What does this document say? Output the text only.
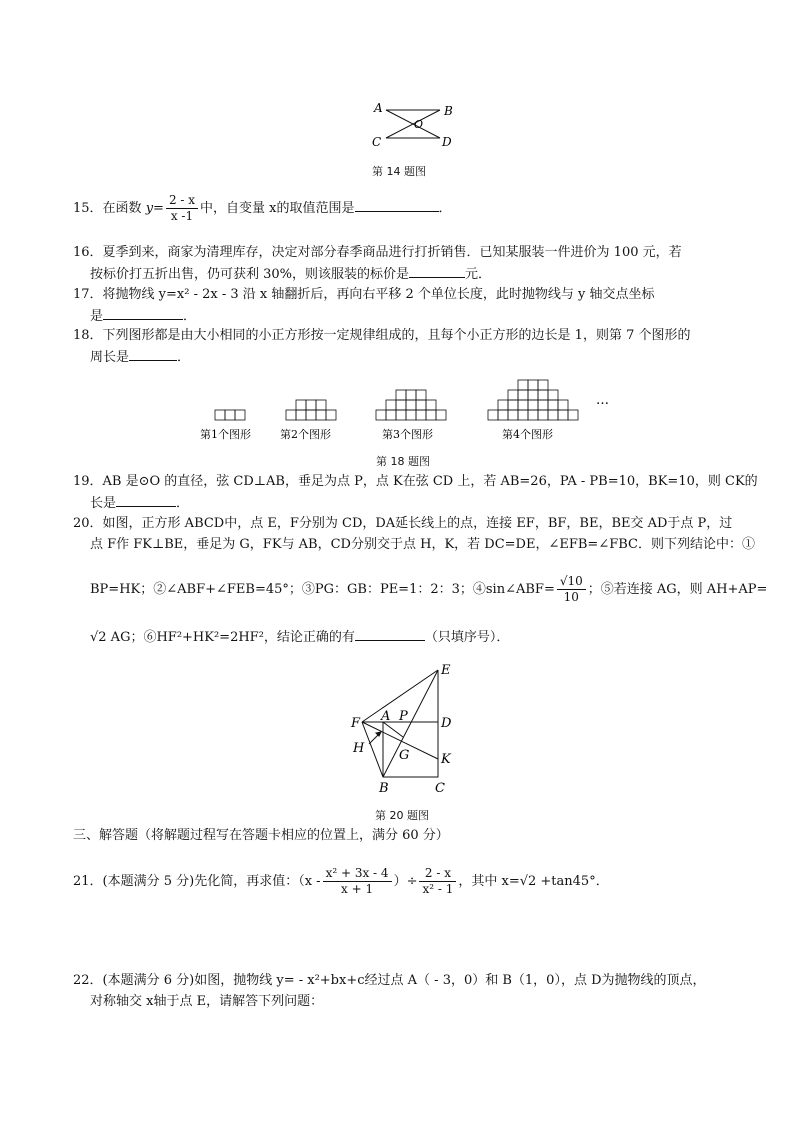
A	B
O
C	D
第 14 题图
15．在函数 $y= \frac{2 - x}{x -1}$ 中，自变量 x的取值范围是	．
16．夏季到来，商家为清理库存，决定对部分春季商品进行打折销售．已知某服装一件进价为 100 元，若
按标价打五折出售，仍可获利 30%，则该服装的标价是	元．
17．将抛物线 y=x² - 2x - 3 沿 x 轴翻折后，再向右平移 2 个单位长度，此时抛物线与 y 轴交点坐标
是	．
18．下列图形都是由大小相同的小正方形按一定规律组成的，且每个小正方形的边长是 1，则第 7 个图形的
周长是	．
…
第1个图形	第2个图形	第3个图形	第4个图形
第 18 题图
19．AB 是⊙O 的直径，弦 CD⊥AB，垂足为点 P，点 K在弦 CD 上，若 AB=26，PA - PB=10，BK=10，则 CK的
长是	．
20．如图，正方形 ABCD中，点 E，F分别为 CD，DA延长线上的点，连接 EF，BF，BE，BE交 AD于点 P，过
点 F作 FK⊥BE，垂足为 G，FK与 AB，CD分别交于点 H，K，若 DC=DE，∠EFB=∠FBC．则下列结论中：①
BP=HK；②∠ABF+∠FEB=45°；③PG：GB：PE=1：2：3；④sin∠ABF= $\frac{√10}{10}$ ；⑤若连接 AG，则 AH+AP=
√2 AG；⑥HF²+HK²=2HF²，结论正确的有	（只填序号）．
E
F A P	D
H	G K
B	C
第 20 题图
三、解答题（将解题过程写在答题卡相应的位置上，满分 60 分）
21．(本题满分 5 分)先化简，再求值：（$x - \frac{\text{x² + 3x - 4}}{x + 1}$ ）÷ $\frac{2 - x}{\text{x² - 1}}$ ，其中 x=√2 +tan45°．
22．(本题满分 6 分)如图，抛物线 y= - x²+bx+c经过点 A（ - 3，0）和 B（1，0），点 D为抛物线的顶点，
对称轴交 x轴于点 E，请解答下列问题：
